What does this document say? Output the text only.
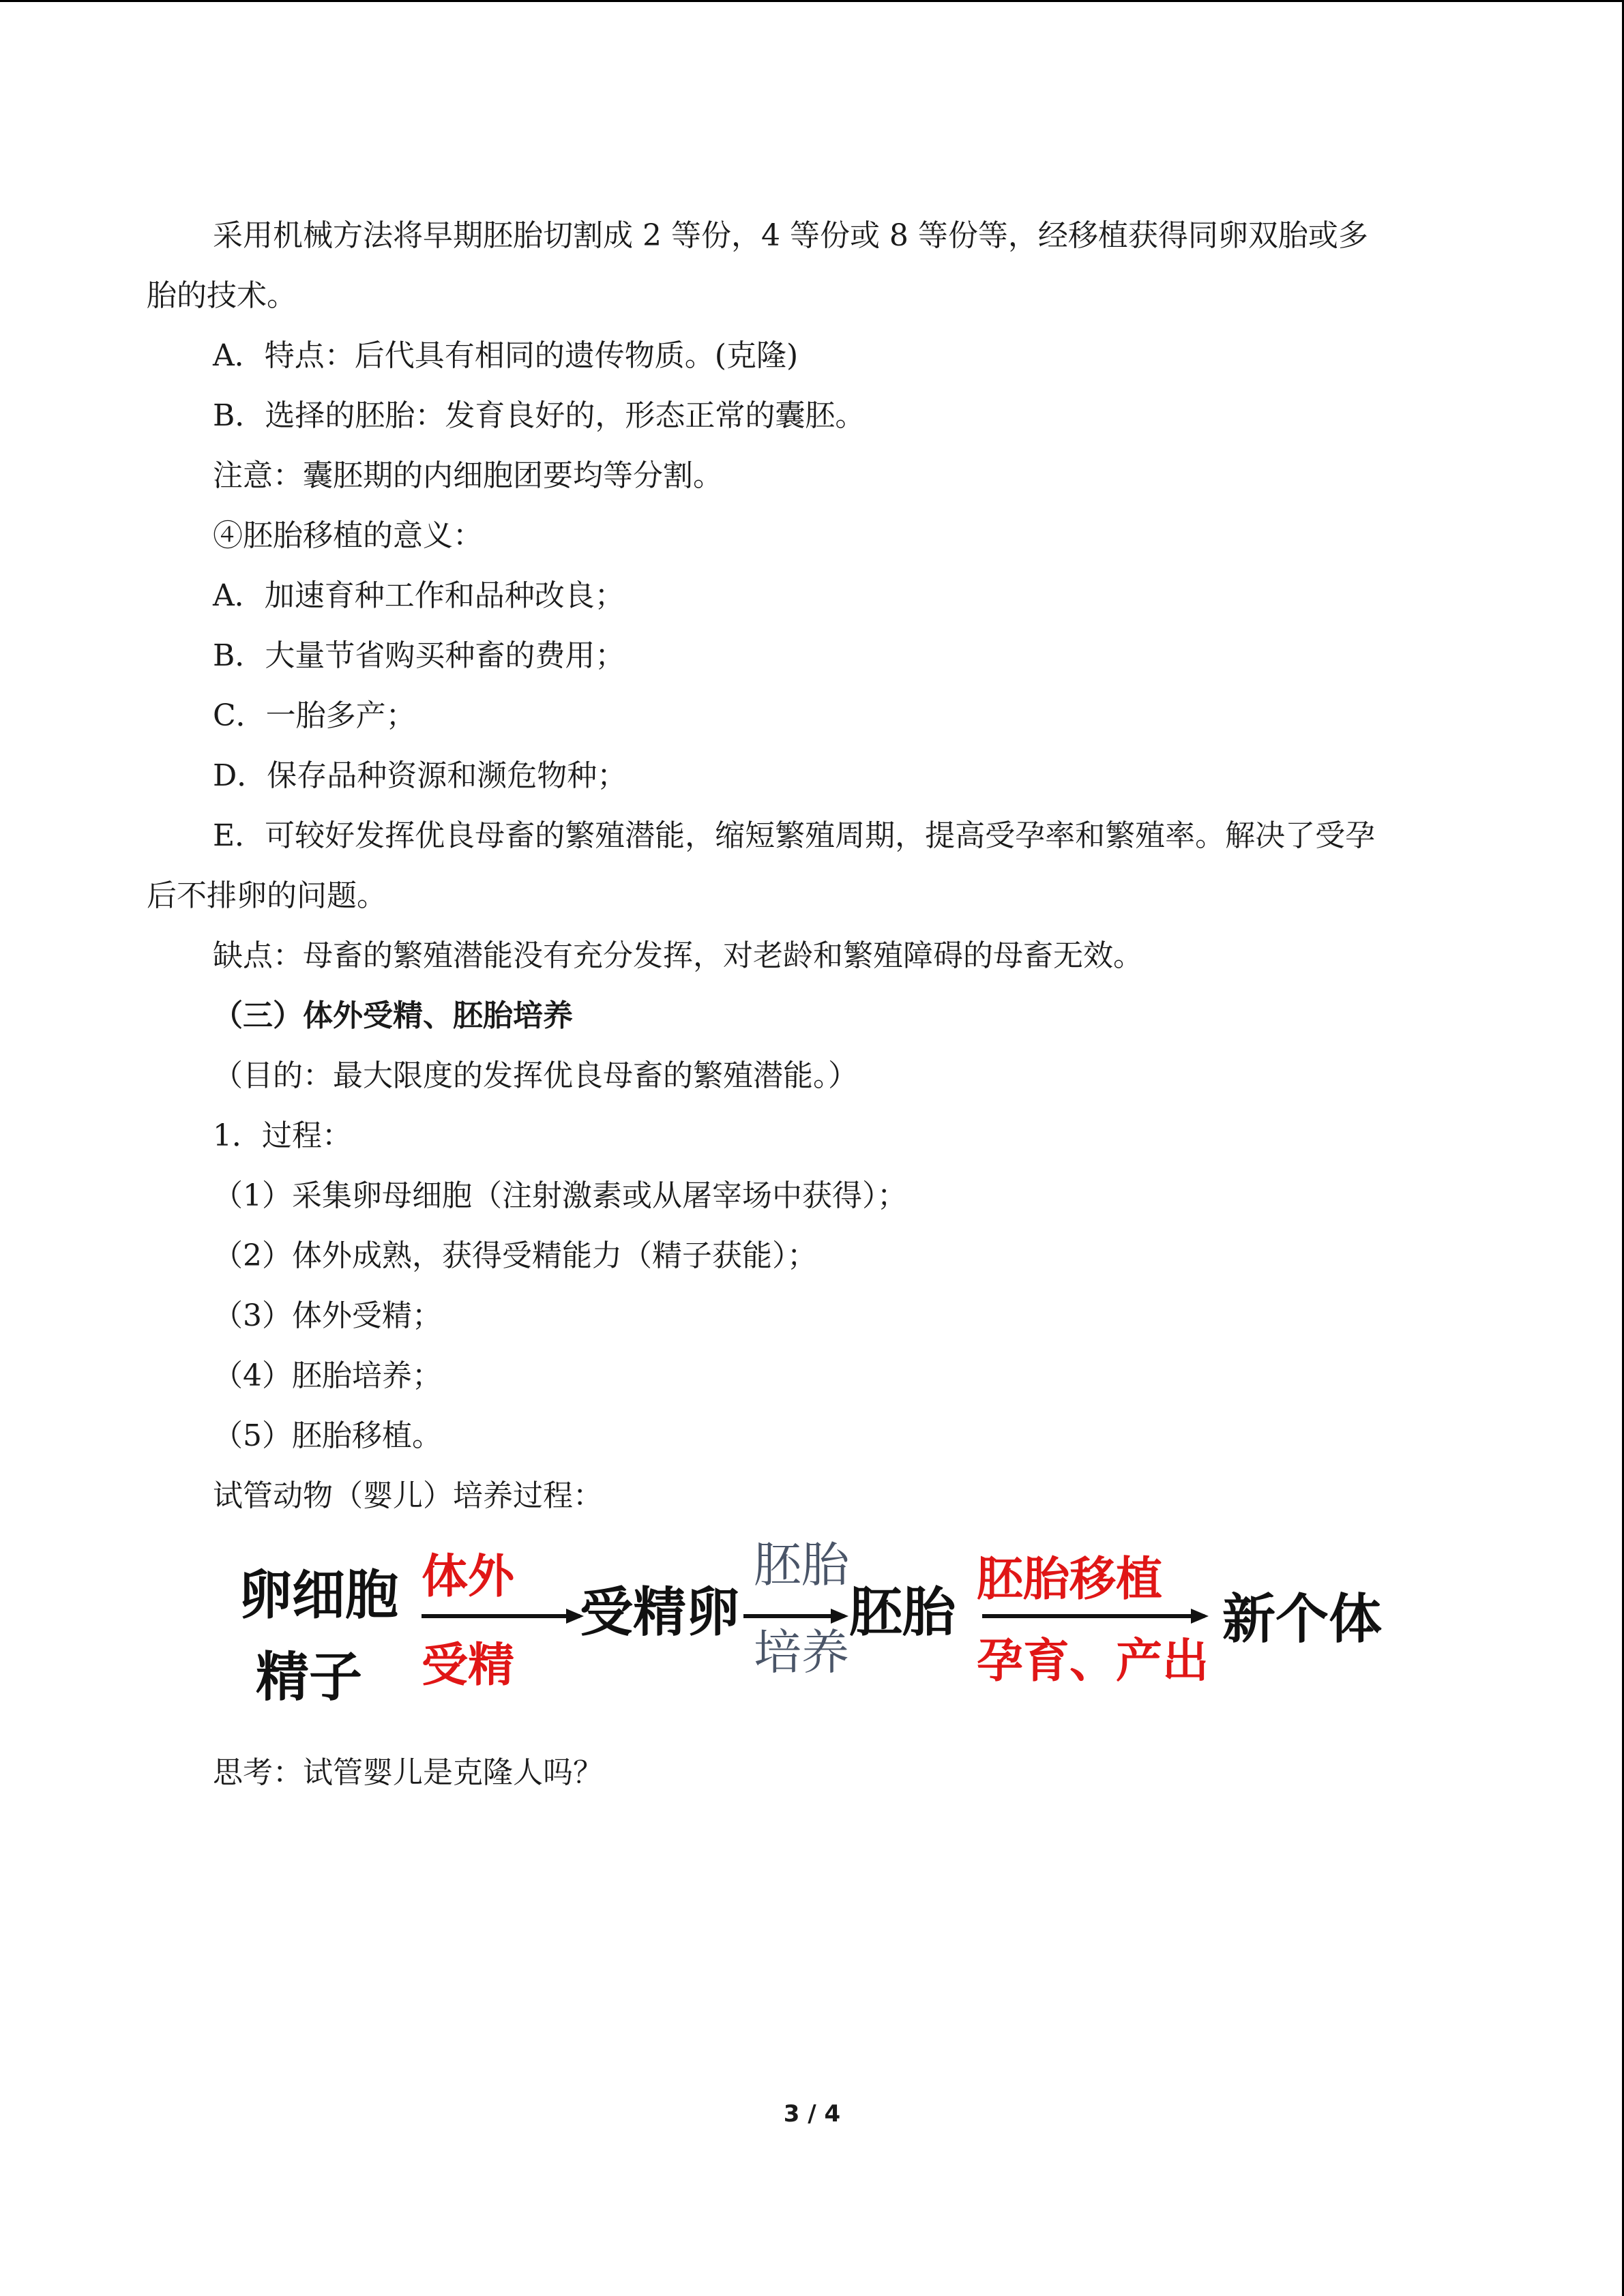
采用机械方法将早期胚胎切割成 2 等份，4 等份或 8 等份等，经移植获得同卵双胎或多
胎的技术。
A．特点：后代具有相同的遗传物质。(克隆)
B．选择的胚胎：发育良好的，形态正常的囊胚。
注意：囊胚期的内细胞团要均等分割。
④胚胎移植的意义：
A．加速育种工作和品种改良；
B．大量节省购买种畜的费用；
C．一胎多产；
D．保存品种资源和濒危物种；
E．可较好发挥优良母畜的繁殖潜能，缩短繁殖周期，提高受孕率和繁殖率。解决了受孕
后不排卵的问题。
缺点：母畜的繁殖潜能没有充分发挥，对老龄和繁殖障碍的母畜无效。
（三）体外受精、胚胎培养
（目的：最大限度的发挥优良母畜的繁殖潜能。）
1．过程：
（1）采集卵母细胞（注射激素或从屠宰场中获得）；
（2）体外成熟，获得受精能力（精子获能）；
（3）体外受精；
（4）胚胎培养；
（5）胚胎移植。
试管动物（婴儿）培养过程：
卵细胞
精子
体外
受精
受精卵
胚胎
培养
胚胎
胚胎移植
孕育、产出
新个体
思考：试管婴儿是克隆人吗？
3 / 4
